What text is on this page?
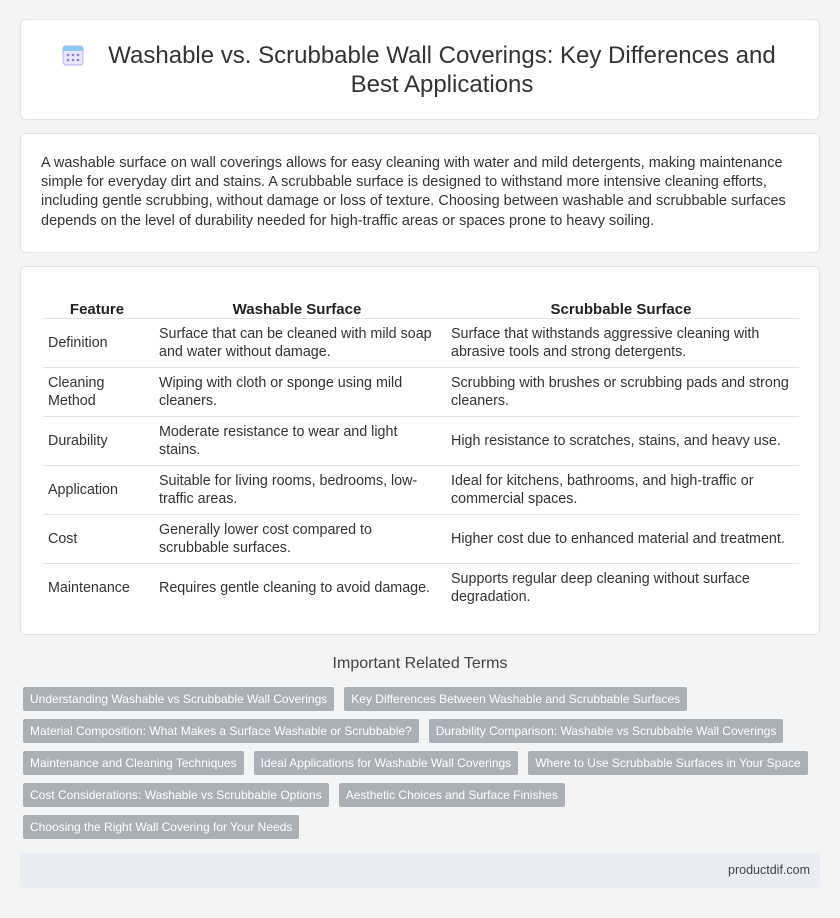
Washable vs. Scrubbable Wall Coverings: Key Differences and Best Applications

A washable surface on wall coverings allows for easy cleaning with water and mild detergents, making maintenance simple for everyday dirt and stains. A scrubbable surface is designed to withstand more intensive cleaning efforts, including gentle scrubbing, without damage or loss of texture. Choosing between washable and scrubbable surfaces depends on the level of durability needed for high-traffic areas or spaces prone to heavy soiling.

Feature	Washable Surface	Scrubbable Surface
Definition	Surface that can be cleaned with mild soap and water without damage.	Surface that withstands aggressive cleaning with abrasive tools and strong detergents.
Cleaning Method	Wiping with cloth or sponge using mild cleaners.	Scrubbing with brushes or scrubbing pads and strong cleaners.
Durability	Moderate resistance to wear and light stains.	High resistance to scratches, stains, and heavy use.
Application	Suitable for living rooms, bedrooms, low-traffic areas.	Ideal for kitchens, bathrooms, and high-traffic or commercial spaces.
Cost	Generally lower cost compared to scrubbable surfaces.	Higher cost due to enhanced material and treatment.
Maintenance	Requires gentle cleaning to avoid damage.	Supports regular deep cleaning without surface degradation.
Important Related Terms
Understanding Washable vs Scrubbable Wall Coverings	Key Differences Between Washable and Scrubbable Surfaces
Material Composition: What Makes a Surface Washable or Scrubbable?	Durability Comparison: Washable vs Scrubbable Wall Coverings
Maintenance and Cleaning Techniques	Ideal Applications for Washable Wall Coverings	Where to Use Scrubbable Surfaces in Your Space
Cost Considerations: Washable vs Scrubbable Options	Aesthetic Choices and Surface Finishes
Choosing the Right Wall Covering for Your Needs
productdif.com
